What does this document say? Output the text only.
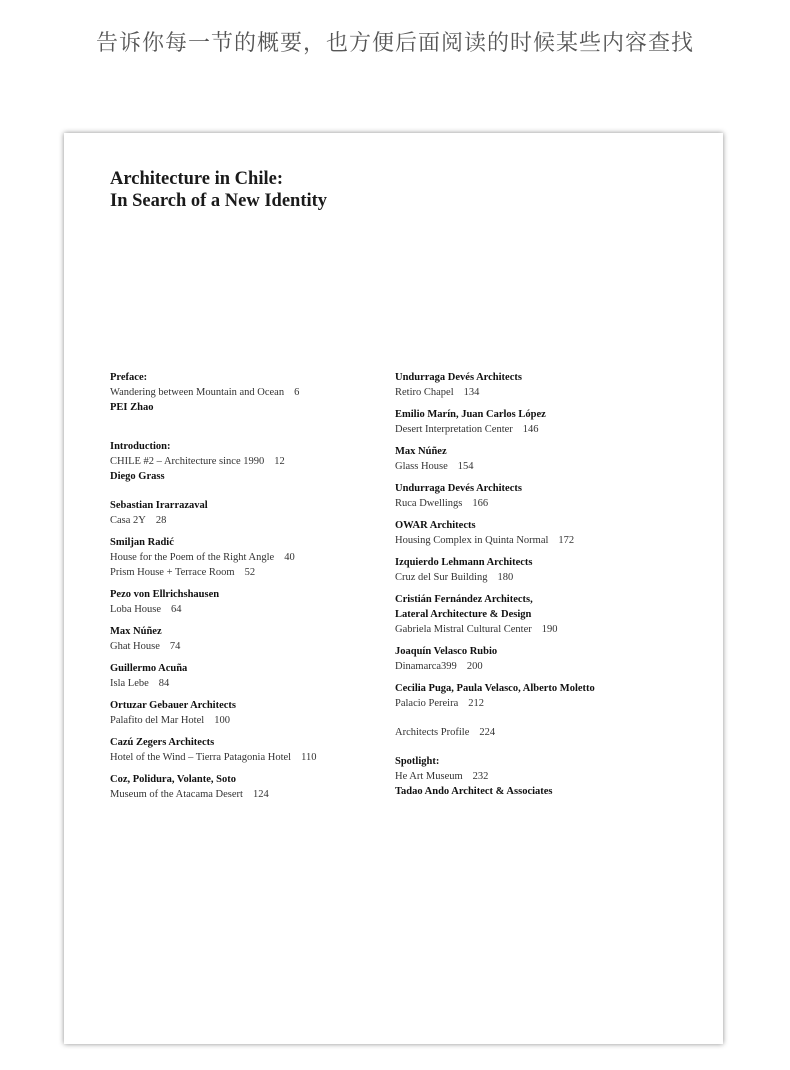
告诉你每一节的概要，也方便后面阅读的时候某些内容查找
Architecture in Chile:
In Search of a New Identity
Preface:
Wandering between Mountain and Ocean 6
PEI Zhao
Introduction:
CHILE #2 – Architecture since 1990 12
Diego Grass
Sebastian Irarrazaval
Casa 2Y 28
Smiljan Radić
House for the Poem of the Right Angle 40
Prism House + Terrace Room 52
Pezo von Ellrichshausen
Loba House 64
Max Núñez
Ghat House 74
Guillermo Acuña
Isla Lebe 84
Ortuzar Gebauer Architects
Palafito del Mar Hotel 100
Cazú Zegers Architects
Hotel of the Wind – Tierra Patagonia Hotel 110
Coz, Polidura, Volante, Soto
Museum of the Atacama Desert 124
Undurraga Devés Architects
Retiro Chapel 134
Emilio Marín, Juan Carlos López
Desert Interpretation Center 146
Max Núñez
Glass House 154
Undurraga Devés Architects
Ruca Dwellings 166
OWAR Architects
Housing Complex in Quinta Normal 172
Izquierdo Lehmann Architects
Cruz del Sur Building 180
Cristián Fernández Architects,
Lateral Architecture & Design
Gabriela Mistral Cultural Center 190
Joaquín Velasco Rubio
Dinamarca399 200
Cecilia Puga, Paula Velasco, Alberto Moletto
Palacio Pereira 212
Architects Profile 224
Spotlight:
He Art Museum 232
Tadao Ando Architect & Associates
